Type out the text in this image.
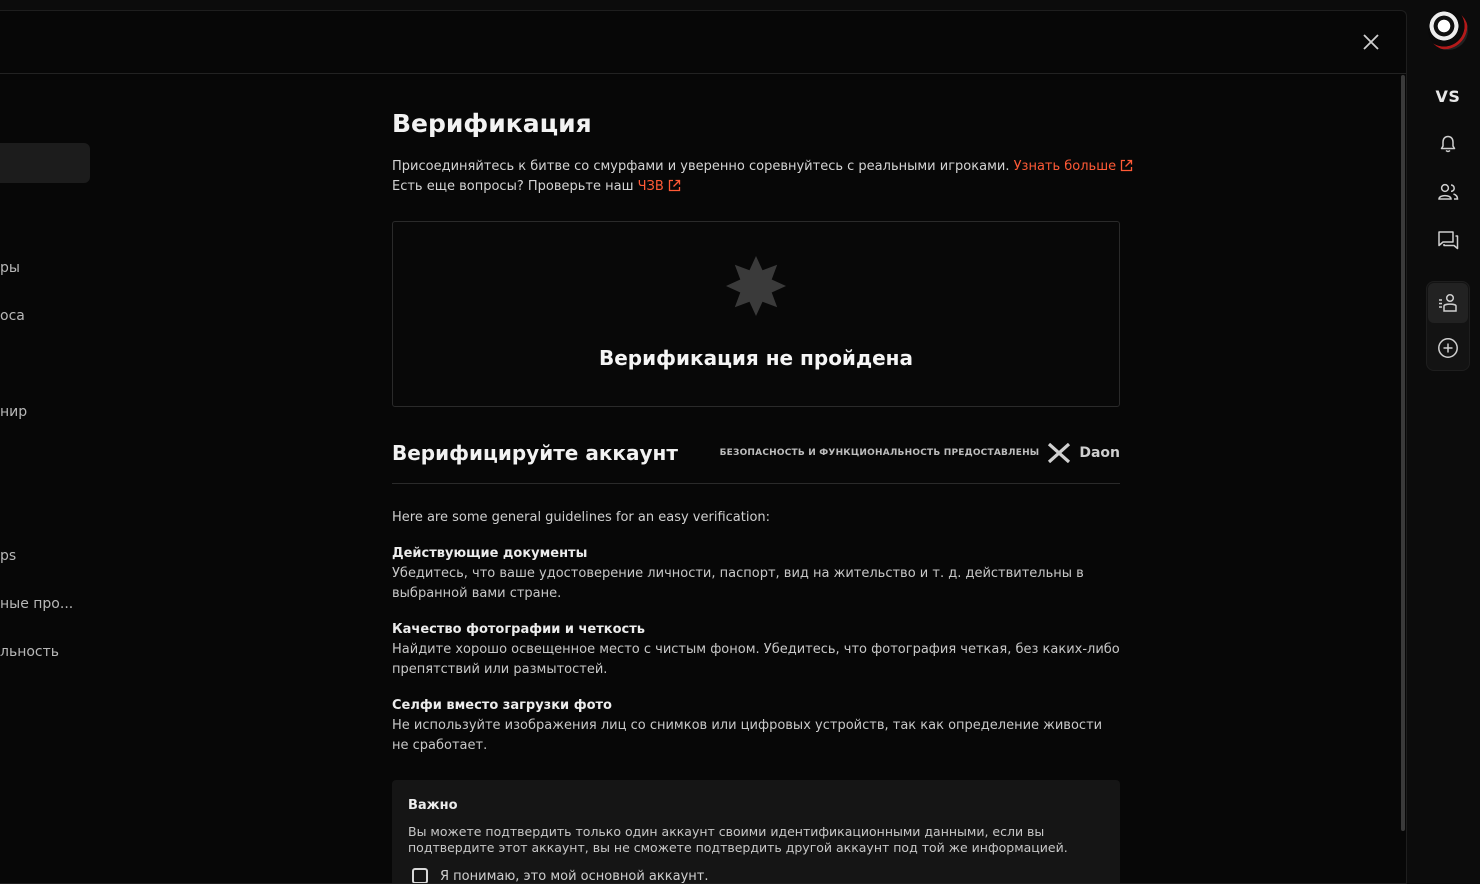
ры
оса
нир
ps
ные про...
льность
Верификация
Присоединяйтесь к битве со смурфами и уверенно соревнуйтесь с реальными игроками. Узнать больше
Есть еще вопросы? Проверьте наш ЧЗВ
Верификация не пройдена
Верифицируйте аккаунт	БЕЗОПАСНОСТЬ И ФУНКЦИОНАЛЬНОСТЬ ПРЕДОСТАВЛЕНЫ	Daon
Here are some general guidelines for an easy verification:
Действующие документы
Убедитесь, что ваше удостоверение личности, паспорт, вид на жительство и т. д. действительны в выбранной вами стране.
Качество фотографии и четкость
Найдите хорошо освещенное место с чистым фоном. Убедитесь, что фотография четкая, без каких-либо препятствий или размытостей.
Селфи вместо загрузки фото
Не используйте изображения лиц со снимков или цифровых устройств, так как определение живости не сработает.
Важно
Вы можете подтвердить только один аккаунт своими идентификационными данными, если вы подтвердите этот аккаунт, вы не сможете подтвердить другой аккаунт под той же информацией.
Я понимаю, это мой основной аккаунт.
VS
